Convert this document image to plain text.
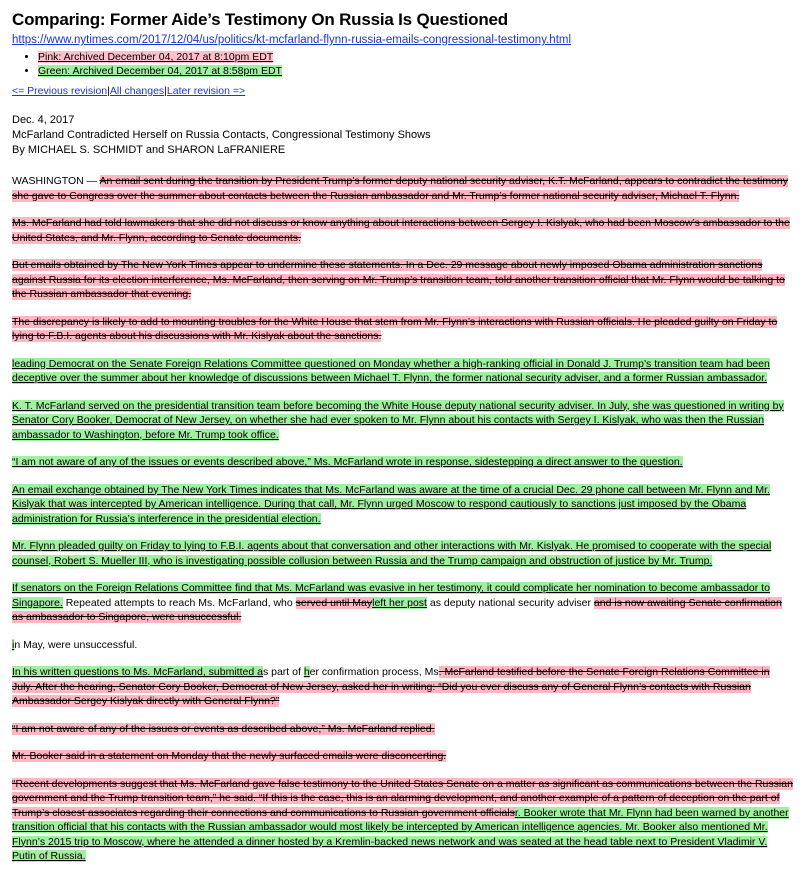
Comparing: Former Aide’s Testimony On Russia Is Questioned
https://www.nytimes.com/2017/12/04/us/politics/kt-mcfarland-flynn-russia-emails-congressional-testimony.html
• Pink: Archived December 04, 2017 at 8:10pm EDT
• Green: Archived December 04, 2017 at 8:58pm EDT
<= Previous revision|All changes|Later revision =>
Dec. 4, 2017
McFarland Contradicted Herself on Russia Contacts, Congressional Testimony Shows
By MICHAEL S. SCHMIDT and SHARON LaFRANIERE

WASHINGTON — An email sent during the transition by President Trump’s former deputy national security adviser, K.T. McFarland, appears to contradict the testimony she gave to Congress over the summer about contacts between the Russian ambassador and Mr. Trump’s former national security adviser, Michael T. Flynn.

Ms. McFarland had told lawmakers that she did not discuss or know anything about interactions between Sergey I. Kislyak, who had been Moscow’s ambassador to the United States, and Mr. Flynn, according to Senate documents.

But emails obtained by The New York Times appear to undermine these statements. In a Dec. 29 message about newly imposed Obama administration sanctions against Russia for its election interference, Ms. McFarland, then serving on Mr. Trump’s transition team, told another transition official that Mr. Flynn would be talking to the Russian ambassador that evening.

The discrepancy is likely to add to mounting troubles for the White House that stem from Mr. Flynn’s interactions with Russian officials. He pleaded guilty on Friday to lying to F.B.I. agents about his discussions with Mr. Kislyak about the sanctions.

leading Democrat on the Senate Foreign Relations Committee questioned on Monday whether a high-ranking official in Donald J. Trump’s transition team had been deceptive over the summer about her knowledge of discussions between Michael T. Flynn, the former national security adviser, and a former Russian ambassador.

K. T. McFarland served on the presidential transition team before becoming the White House deputy national security adviser. In July, she was questioned in writing by Senator Cory Booker, Democrat of New Jersey, on whether she had ever spoken to Mr. Flynn about his contacts with Sergey I. Kislyak, who was then the Russian ambassador to Washington, before Mr. Trump took office.

“I am not aware of any of the issues or events described above,” Ms. McFarland wrote in response, sidestepping a direct answer to the question.

An email exchange obtained by The New York Times indicates that Ms. McFarland was aware at the time of a crucial Dec. 29 phone call between Mr. Flynn and Mr. Kislyak that was intercepted by American intelligence. During that call, Mr. Flynn urged Moscow to respond cautiously to sanctions just imposed by the Obama administration for Russia’s interference in the presidential election.

Mr. Flynn pleaded guilty on Friday to lying to F.B.I. agents about that conversation and other interactions with Mr. Kislyak. He promised to cooperate with the special counsel, Robert S. Mueller III, who is investigating possible collusion between Russia and the Trump campaign and obstruction of justice by Mr. Trump.

If senators on the Foreign Relations Committee find that Ms. McFarland was evasive in her testimony, it could complicate her nomination to become ambassador to Singapore. Repeated attempts to reach Ms. McFarland, who served until Mayleft her post as deputy national security adviser and is now awaiting Senate confirmation as ambassador to Singapore, were unsuccessful.

in May, were unsuccessful.

In his written questions to Ms. McFarland, submitted as part of her confirmation process, Ms. McFarland testified before the Senate Foreign Relations Committee in July. After the hearing, Senator Cory Booker, Democrat of New Jersey, asked her in writing: “Did you ever discuss any of General Flynn’s contacts with Russian Ambassador Sergey Kislyak directly with General Flynn?”

“I am not aware of any of the issues or events as described above,” Ms. McFarland replied.

Mr. Booker said in a statement on Monday that the newly surfaced emails were disconcerting.

“Recent developments suggest that Ms. McFarland gave false testimony to the United States Senate on a matter as significant as communications between the Russian government and the Trump transition team,” he said. “If this is the case, this is an alarming development, and another example of a pattern of deception on the part of Trump’s closest associates regarding their connections and communications to Russian government officialsr. Booker wrote that Mr. Flynn had been warned by another transition official that his contacts with the Russian ambassador would most likely be intercepted by American intelligence agencies. Mr. Booker also mentioned Mr. Flynn’s 2015 trip to Moscow, where he attended a dinner hosted by a Kremlin-backed news network and was seated at the head table next to President Vladimir V. Putin of Russia.
